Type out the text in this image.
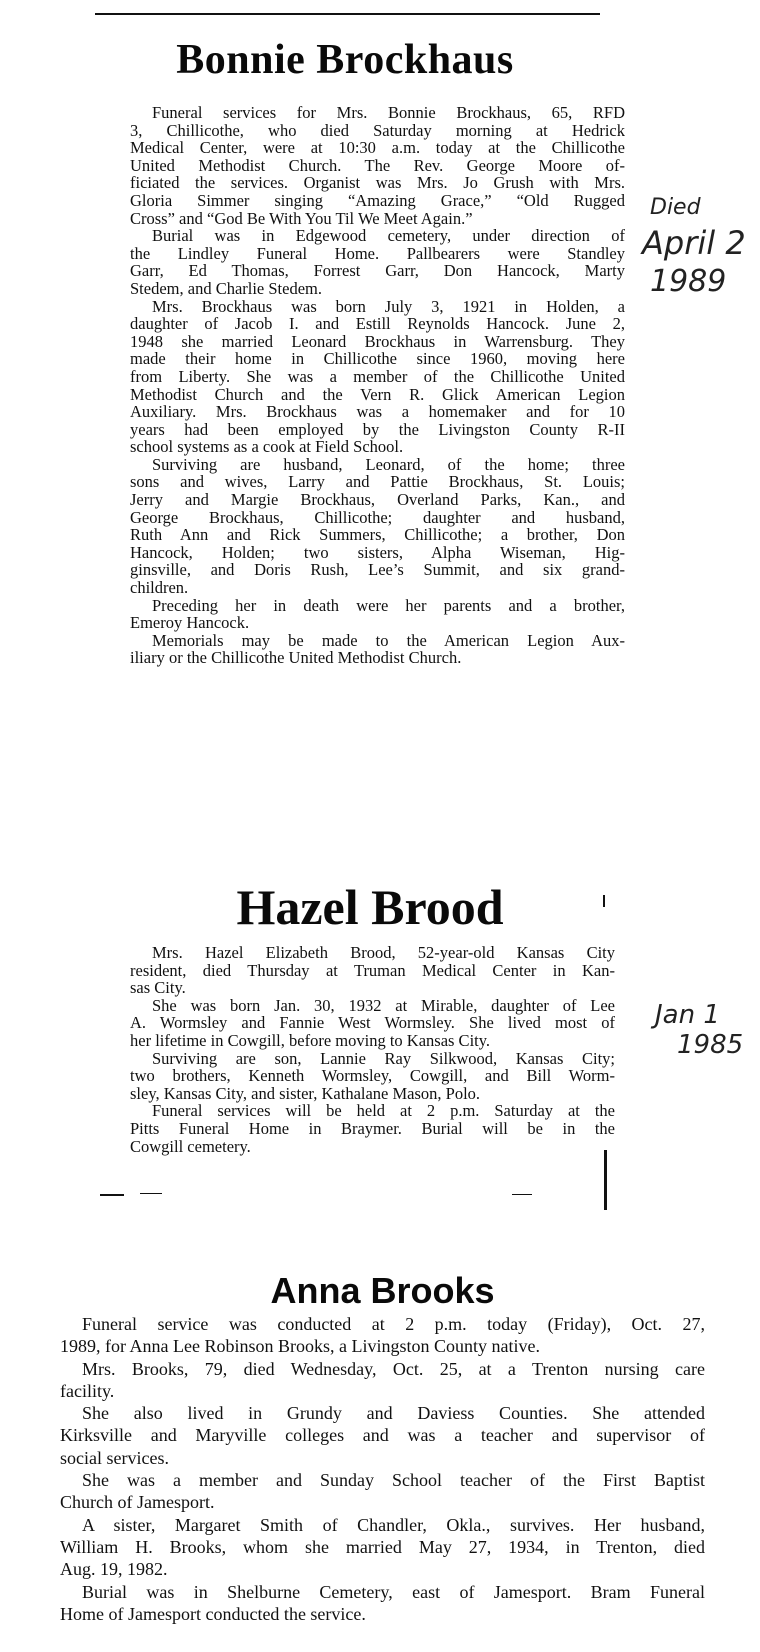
Bonnie Brockhaus
Funeral services for Mrs. Bonnie Brockhaus, 65, RFD
3, Chillicothe, who died Saturday morning at Hedrick
Medical Center, were at 10:30 a.m. today at the Chillicothe
United Methodist Church. The Rev. George Moore of-
ficiated the services. Organist was Mrs. Jo Grush with Mrs.
Gloria Simmer singing “Amazing Grace,” “Old Rugged
Cross” and “God Be With You Til We Meet Again.”
Burial was in Edgewood cemetery, under direction of
the Lindley Funeral Home. Pallbearers were Standley
Garr, Ed Thomas, Forrest Garr, Don Hancock, Marty
Stedem, and Charlie Stedem.
Mrs. Brockhaus was born July 3, 1921 in Holden, a
daughter of Jacob I. and Estill Reynolds Hancock. June 2,
1948 she married Leonard Brockhaus in Warrensburg. They
made their home in Chillicothe since 1960, moving here
from Liberty. She was a member of the Chillicothe United
Methodist Church and the Vern R. Glick American Legion
Auxiliary. Mrs. Brockhaus was a homemaker and for 10
years had been employed by the Livingston County R-II
school systems as a cook at Field School.
Surviving are husband, Leonard, of the home; three
sons and wives, Larry and Pattie Brockhaus, St. Louis;
Jerry and Margie Brockhaus, Overland Parks, Kan., and
George Brockhaus, Chillicothe; daughter and husband,
Ruth Ann and Rick Summers, Chillicothe; a brother, Don
Hancock, Holden; two sisters, Alpha Wiseman, Hig-
ginsville, and Doris Rush, Lee’s Summit, and six grand-
children.
Preceding her in death were her parents and a brother,
Emeroy Hancock.
Memorials may be made to the American Legion Aux-
iliary or the Chillicothe United Methodist Church.
Died
April 2
1989
Hazel Brood
Mrs. Hazel Elizabeth Brood, 52-year-old Kansas City
resident, died Thursday at Truman Medical Center in Kan-
sas City.
She was born Jan. 30, 1932 at Mirable, daughter of Lee
A. Wormsley and Fannie West Wormsley. She lived most of
her lifetime in Cowgill, before moving to Kansas City.
Surviving are son, Lannie Ray Silkwood, Kansas City;
two brothers, Kenneth Wormsley, Cowgill, and Bill Worm-
sley, Kansas City, and sister, Kathalane Mason, Polo.
Funeral services will be held at 2 p.m. Saturday at the
Pitts Funeral Home in Braymer. Burial will be in the
Cowgill cemetery.
Jan 1
1985
Anna Brooks
Funeral service was conducted at 2 p.m. today (Friday), Oct. 27,
1989, for Anna Lee Robinson Brooks, a Livingston County native.
Mrs. Brooks, 79, died Wednesday, Oct. 25, at a Trenton nursing care
facility.
She also lived in Grundy and Daviess Counties. She attended
Kirksville and Maryville colleges and was a teacher and supervisor of
social services.
She was a member and Sunday School teacher of the First Baptist
Church of Jamesport.
A sister, Margaret Smith of Chandler, Okla., survives. Her husband,
William H. Brooks, whom she married May 27, 1934, in Trenton, died
Aug. 19, 1982.
Burial was in Shelburne Cemetery, east of Jamesport. Bram Funeral
Home of Jamesport conducted the service.
